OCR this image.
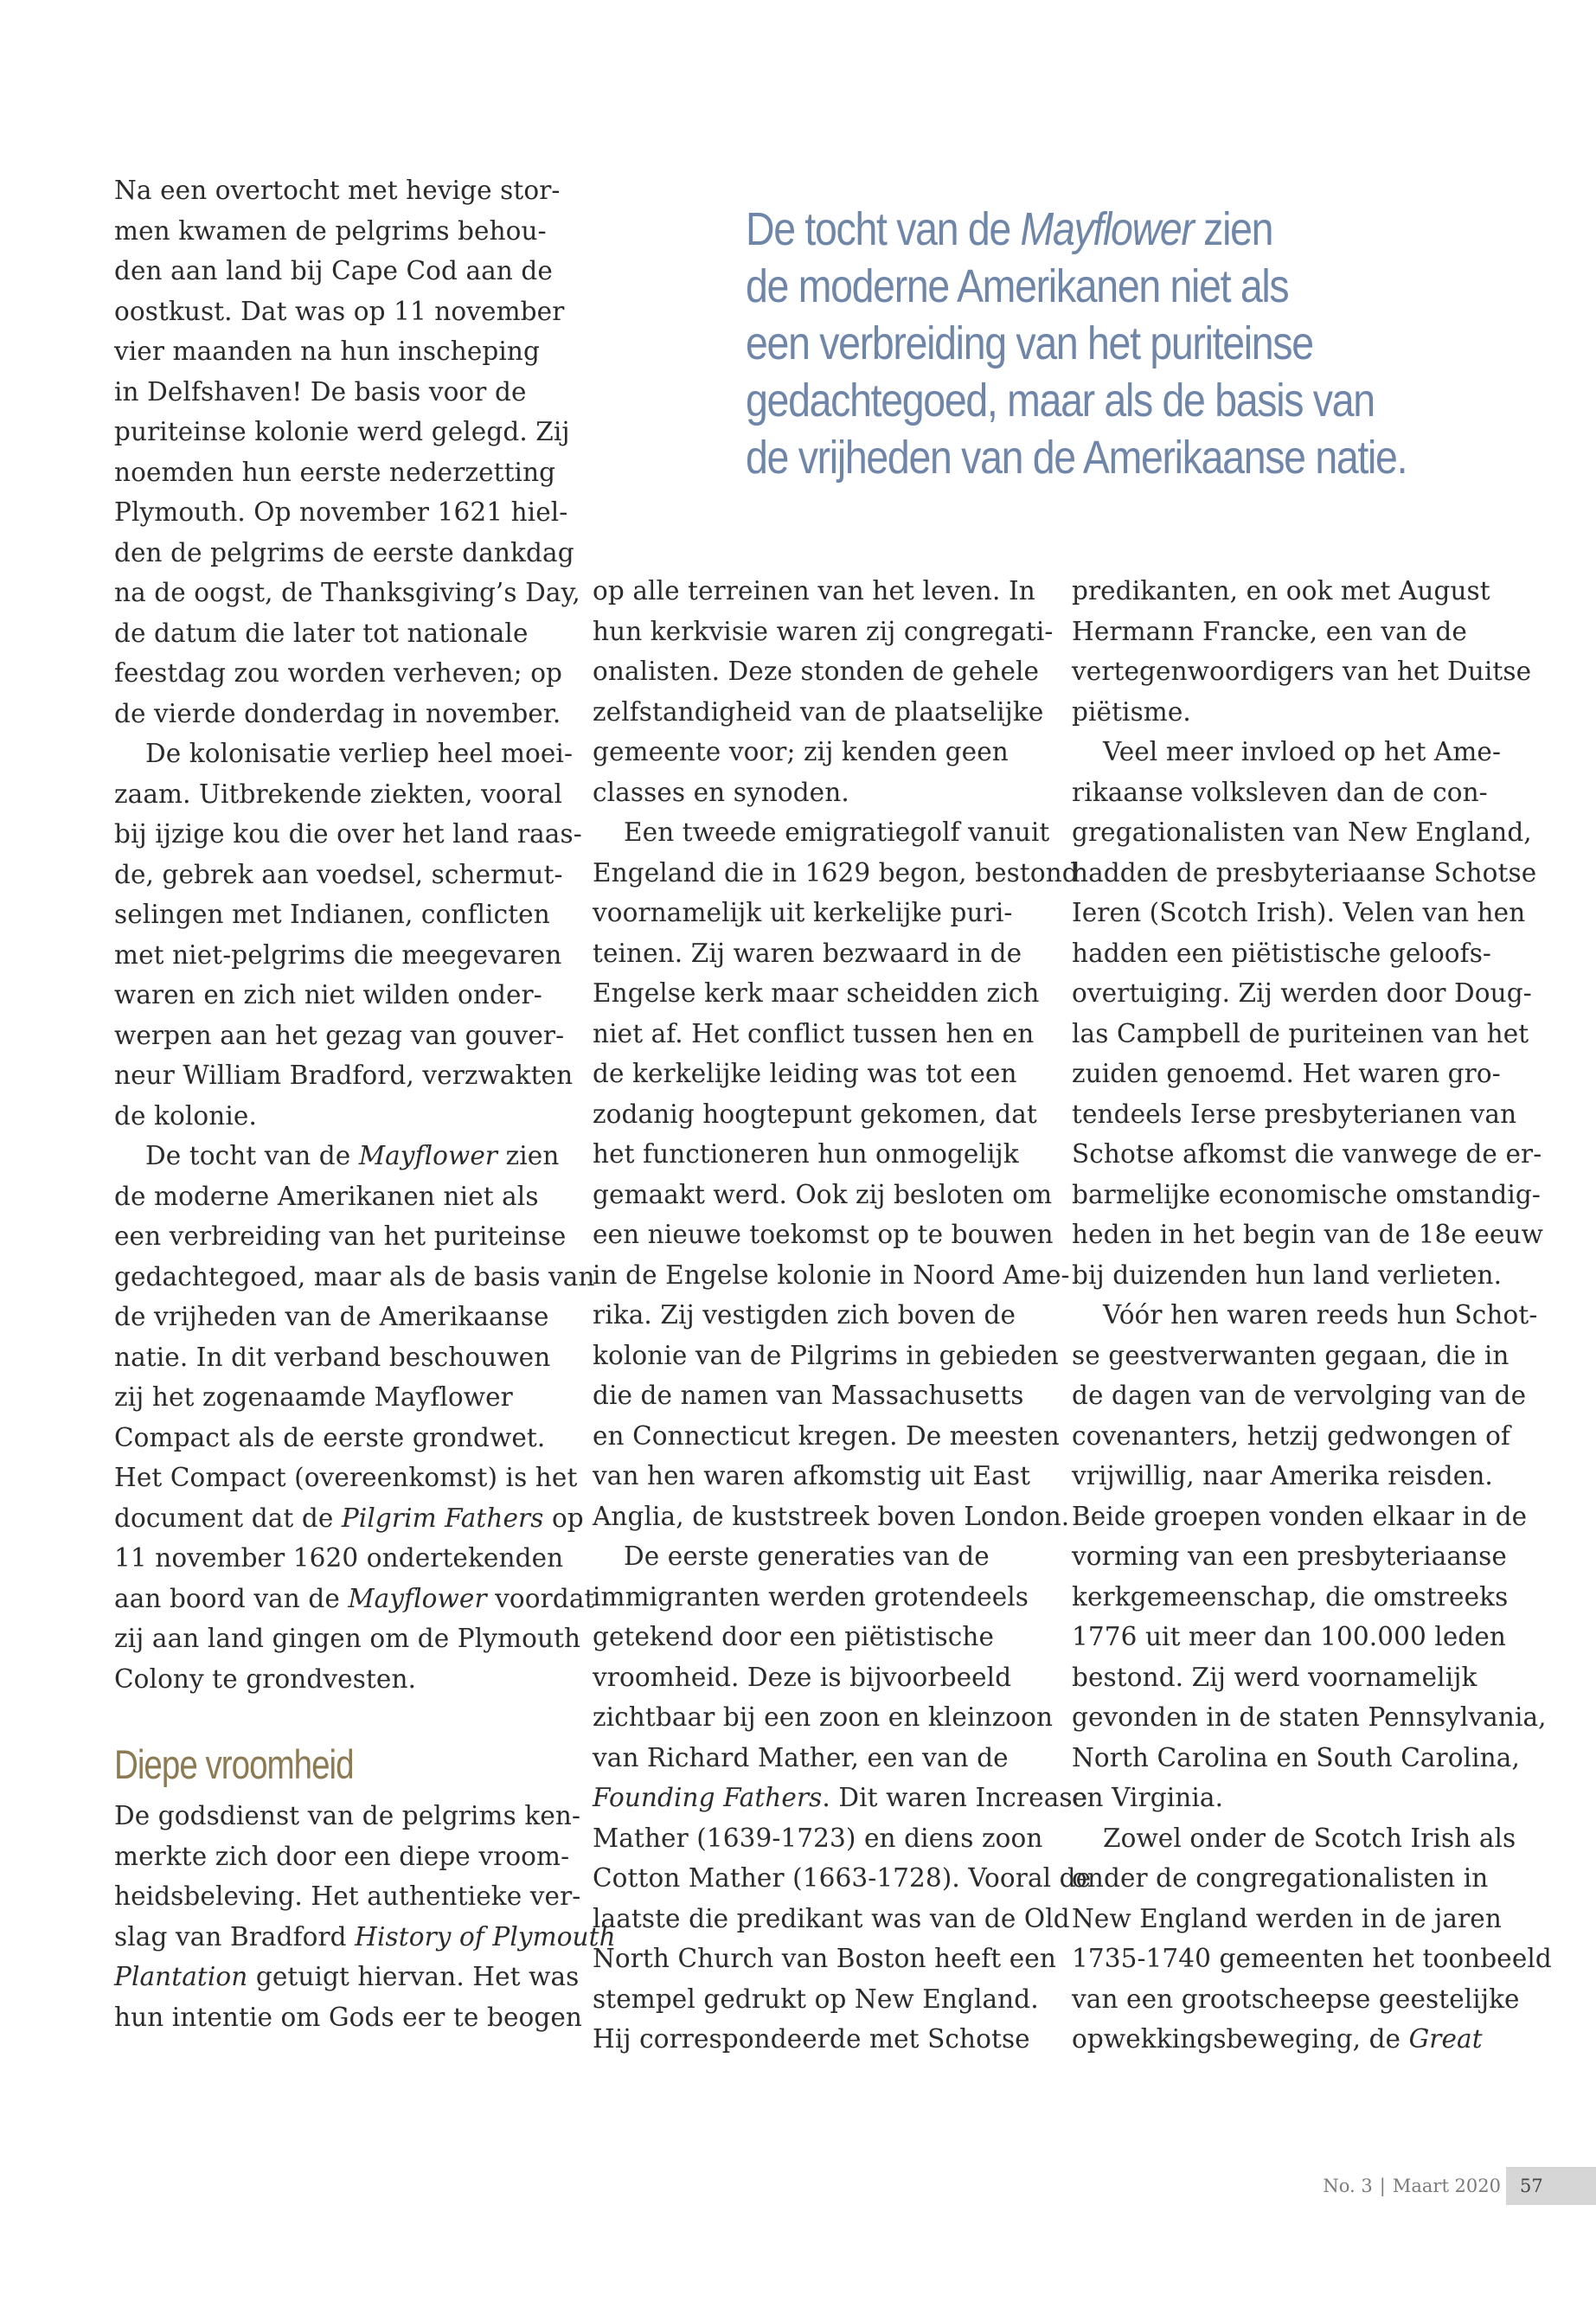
De tocht van de Mayflower zien
de moderne Amerikanen niet als
een verbreiding van het puriteinse
gedachtegoed, maar als de basis van
de vrijheden van de Amerikaanse natie.

Na een overtocht met hevige stor-
men kwamen de pelgrims behou-
den aan land bij Cape Cod aan de
oostkust. Dat was op 11 november
vier maanden na hun inscheping
in Delfshaven! De basis voor de
puriteinse kolonie werd gelegd. Zij
noemden hun eerste nederzetting
Plymouth. Op november 1621 hiel-
den de pelgrims de eerste dankdag
na de oogst, de Thanksgiving’s Day,
de datum die later tot nationale
feestdag zou worden verheven; op
de vierde donderdag in november.

De kolonisatie verliep heel moei-
zaam. Uitbrekende ziekten, vooral
bij ijzige kou die over het land raas-
de, gebrek aan voedsel, schermut-
selingen met Indianen, conflicten
met niet-pelgrims die meegevaren
waren en zich niet wilden onder-
werpen aan het gezag van gouver-
neur William Bradford, verzwakten
de kolonie.

De tocht van de Mayflower zien
de moderne Amerikanen niet als
een verbreiding van het puriteinse
gedachtegoed, maar als de basis van
de vrijheden van de Amerikaanse
natie. In dit verband beschouwen
zij het zogenaamde Mayflower
Compact als de eerste grondwet.
Het Compact (overeenkomst) is het
document dat de Pilgrim Fathers op
11 november 1620 ondertekenden
aan boord van de Mayflower voordat
zij aan land gingen om de Plymouth
Colony te grondvesten.

Diepe vroomheid

De godsdienst van de pelgrims ken-
merkte zich door een diepe vroom-
heidsbeleving. Het authentieke ver-
slag van Bradford History of Plymouth
Plantation getuigt hiervan. Het was
hun intentie om Gods eer te beogen

op alle terreinen van het leven. In
hun kerkvisie waren zij congregati-
onalisten. Deze stonden de gehele
zelfstandigheid van de plaatselijke
gemeente voor; zij kenden geen
classes en synoden.

Een tweede emigratiegolf vanuit
Engeland die in 1629 begon, bestond
voornamelijk uit kerkelijke puri-
teinen. Zij waren bezwaard in de
Engelse kerk maar scheidden zich
niet af. Het conflict tussen hen en
de kerkelijke leiding was tot een
zodanig hoogtepunt gekomen, dat
het functioneren hun onmogelijk
gemaakt werd. Ook zij besloten om
een nieuwe toekomst op te bouwen
in de Engelse kolonie in Noord Ame-
rika. Zij vestigden zich boven de
kolonie van de Pilgrims in gebieden
die de namen van Massachusetts
en Connecticut kregen. De meesten
van hen waren afkomstig uit East
Anglia, de kuststreek boven London.

De eerste generaties van de
immigranten werden grotendeels
getekend door een piëtistische
vroomheid. Deze is bijvoorbeeld
zichtbaar bij een zoon en kleinzoon
van Richard Mather, een van de
Founding Fathers. Dit waren Increase
Mather (1639-1723) en diens zoon
Cotton Mather (1663-1728). Vooral de
laatste die predikant was van de Old
North Church van Boston heeft een
stempel gedrukt op New England.
Hij correspondeerde met Schotse

predikanten, en ook met August
Hermann Francke, een van de
vertegenwoordigers van het Duitse
piëtisme.

Veel meer invloed op het Ame-
rikaanse volksleven dan de con-
gregationalisten van New England,
hadden de presbyteriaanse Schotse
Ieren (Scotch Irish). Velen van hen
hadden een piëtistische geloofs-
overtuiging. Zij werden door Doug-
las Campbell de puriteinen van het
zuiden genoemd. Het waren gro-
tendeels Ierse presbyterianen van
Schotse afkomst die vanwege de er-
barmelijke economische omstandig-
heden in het begin van de 18e eeuw
bij duizenden hun land verlieten.

Vóór hen waren reeds hun Schot-
se geestverwanten gegaan, die in
de dagen van de vervolging van de
covenanters, hetzij gedwongen of
vrijwillig, naar Amerika reisden.
Beide groepen vonden elkaar in de
vorming van een presbyteriaanse
kerkgemeenschap, die omstreeks
1776 uit meer dan 100.000 leden
bestond. Zij werd voornamelijk
gevonden in de staten Pennsylvania,
North Carolina en South Carolina,
en Virginia.

Zowel onder de Scotch Irish als
onder de congregationalisten in
New England werden in de jaren
1735-1740 gemeenten het toonbeeld
van een grootscheepse geestelijke
opwekkingsbeweging, de Great

No. 3 | Maart 2020	57
